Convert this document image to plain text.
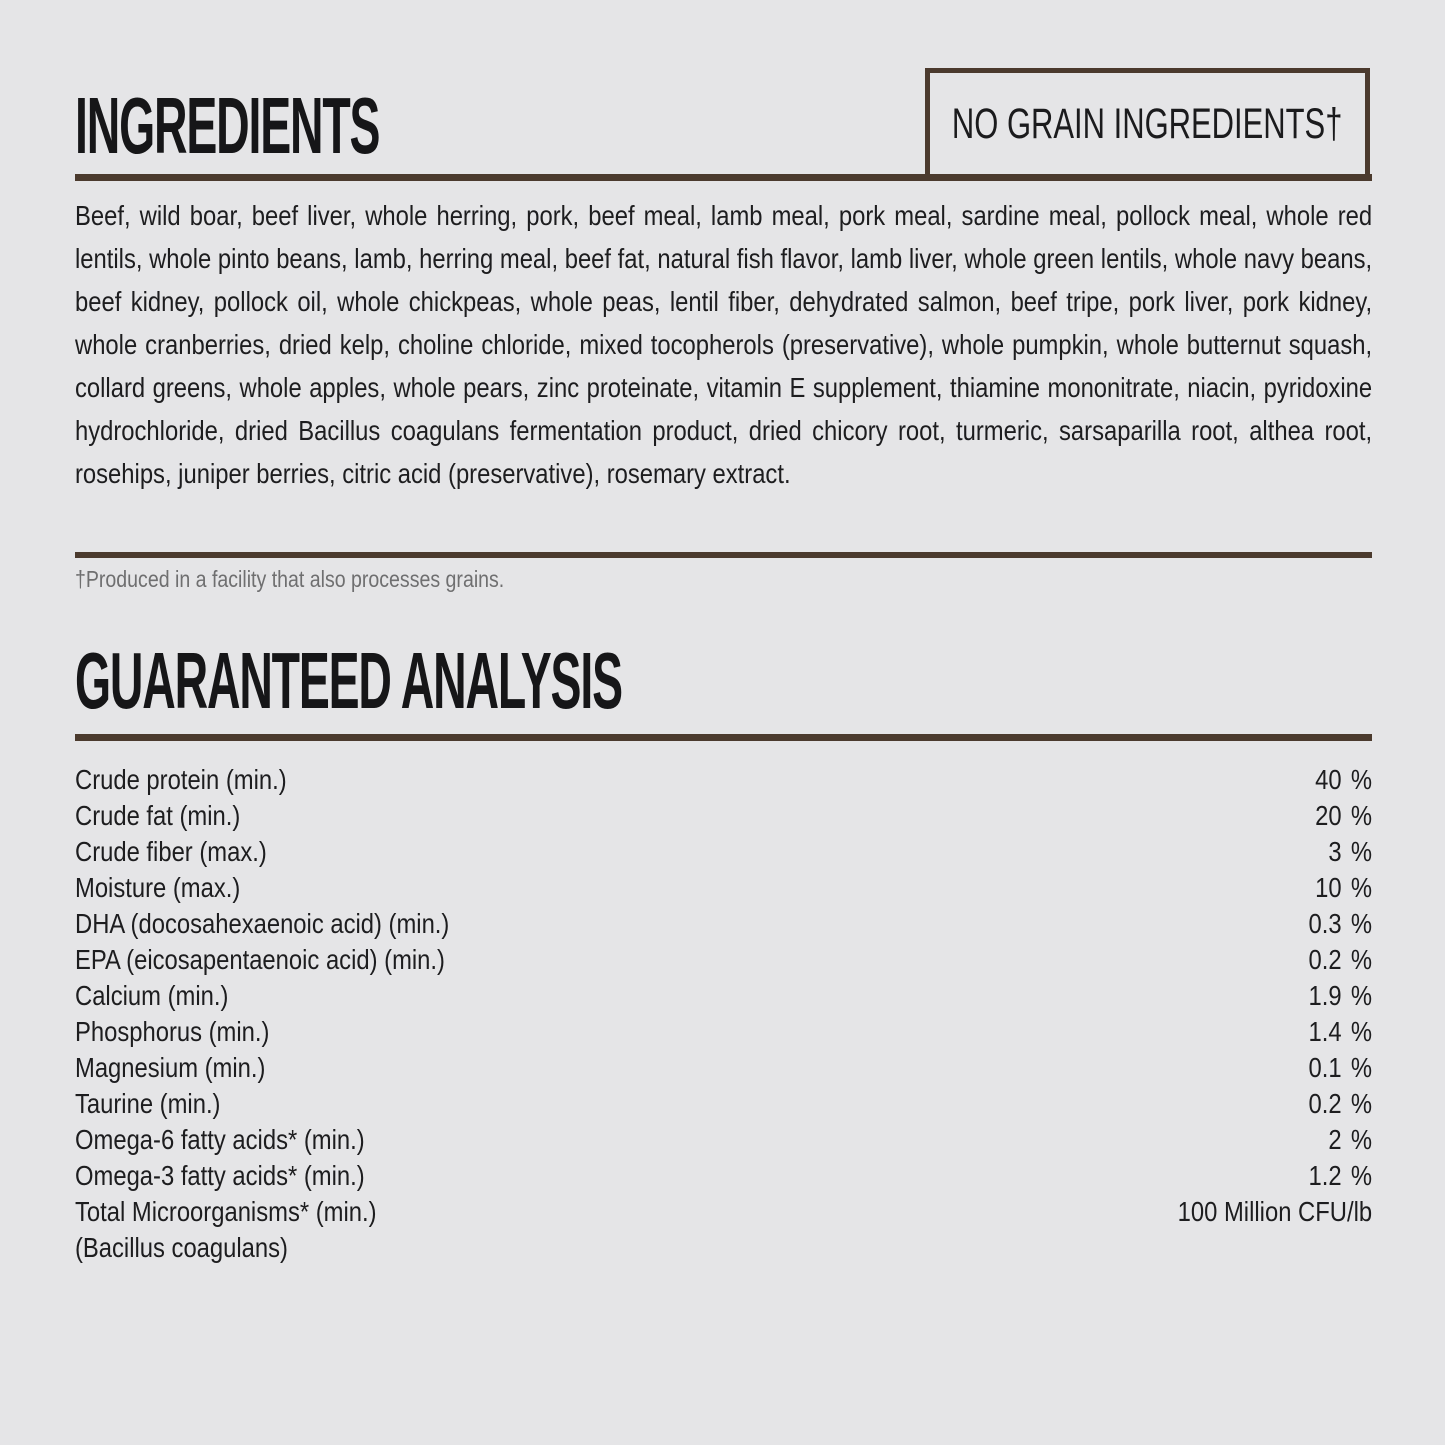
INGREDIENTS	NO GRAIN INGREDIENTS†

Beef, wild boar, beef liver, whole herring, pork, beef meal, lamb meal, pork meal, sardine meal, pollock meal, whole red lentils, whole pinto beans, lamb, herring meal, beef fat, natural fish flavor, lamb liver, whole green lentils, whole navy beans, beef kidney, pollock oil, whole chickpeas, whole peas, lentil fiber, dehydrated salmon, beef tripe, pork liver, pork kidney, whole cranberries, dried kelp, choline chloride, mixed tocopherols (preservative), whole pumpkin, whole butternut squash, collard greens, whole apples, whole pears, zinc proteinate, vitamin E supplement, thiamine mononitrate, niacin, pyridoxine hydrochloride, dried Bacillus coagulans fermentation product, dried chicory root, turmeric, sarsaparilla root, althea root, rosehips, juniper berries, citric acid (preservative), rosemary extract.

†Produced in a facility that also processes grains.

GUARANTEED ANALYSIS
Crude protein (min.)	40 %
Crude fat (min.)	20 %
Crude fiber (max.)	3 %
Moisture (max.)	10 %
DHA (docosahexaenoic acid) (min.)	0.3 %
EPA (eicosapentaenoic acid) (min.)	0.2 %
Calcium (min.)	1.9 %
Phosphorus (min.)	1.4 %
Magnesium (min.)	0.1 %
Taurine (min.)	0.2 %
Omega-6 fatty acids* (min.)	2 %
Omega-3 fatty acids* (min.)	1.2 %
Total Microorganisms* (min.)	100 Million CFU/lb
(Bacillus coagulans)
